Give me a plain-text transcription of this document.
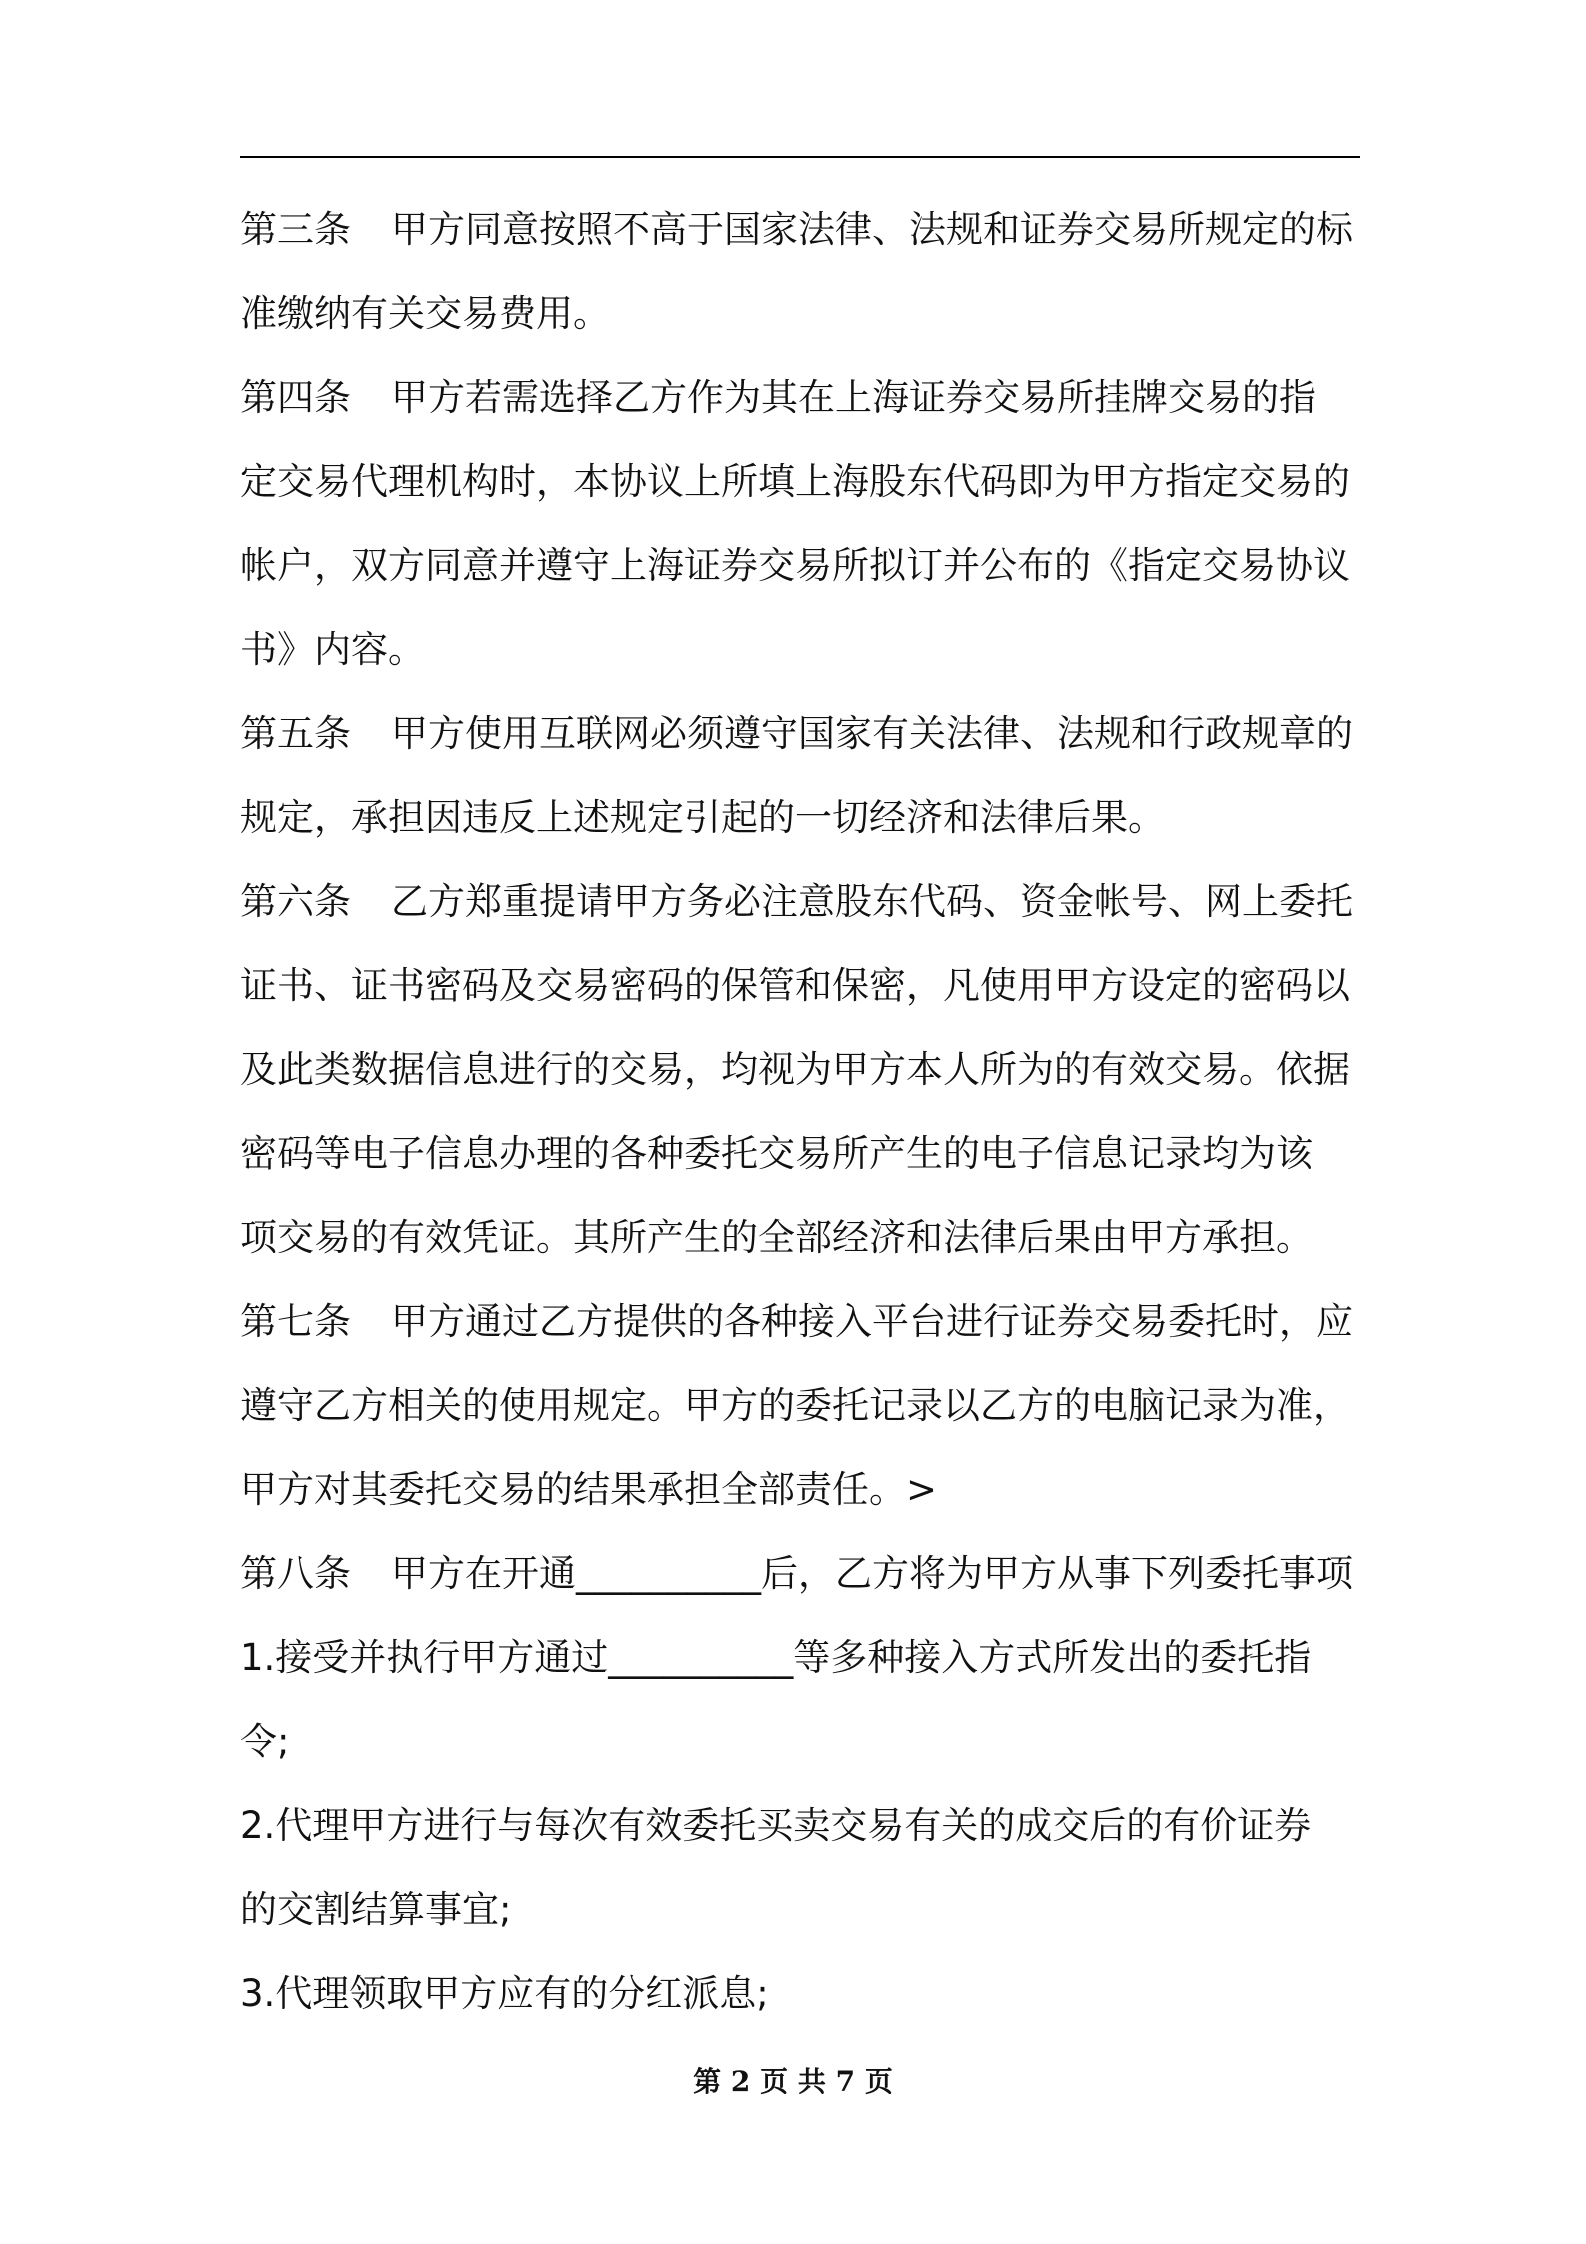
第三条 甲方同意按照不高于国家法律、法规和证券交易所规定的标
准缴纳有关交易费用。
第四条 甲方若需选择乙方作为其在上海证券交易所挂牌交易的指
定交易代理机构时，本协议上所填上海股东代码即为甲方指定交易的
帐户，双方同意并遵守上海证券交易所拟订并公布的《指定交易协议
书》内容。
第五条 甲方使用互联网必须遵守国家有关法律、法规和行政规章的
规定，承担因违反上述规定引起的一切经济和法律后果。
第六条 乙方郑重提请甲方务必注意股东代码、资金帐号、网上委托
证书、证书密码及交易密码的保管和保密，凡使用甲方设定的密码以
及此类数据信息进行的交易，均视为甲方本人所为的有效交易。依据
密码等电子信息办理的各种委托交易所产生的电子信息记录均为该
项交易的有效凭证。其所产生的全部经济和法律后果由甲方承担。
第七条 甲方通过乙方提供的各种接入平台进行证券交易委托时，应
遵守乙方相关的使用规定。甲方的委托记录以乙方的电脑记录为准，
甲方对其委托交易的结果承担全部责任。>
第八条 甲方在开通__________后，乙方将为甲方从事下列委托事项
1.接受并执行甲方通过__________等多种接入方式所发出的委托指
令;
2.代理甲方进行与每次有效委托买卖交易有关的成交后的有价证券
的交割结算事宜;
3.代理领取甲方应有的分红派息;
第 2 页 共 7 页
